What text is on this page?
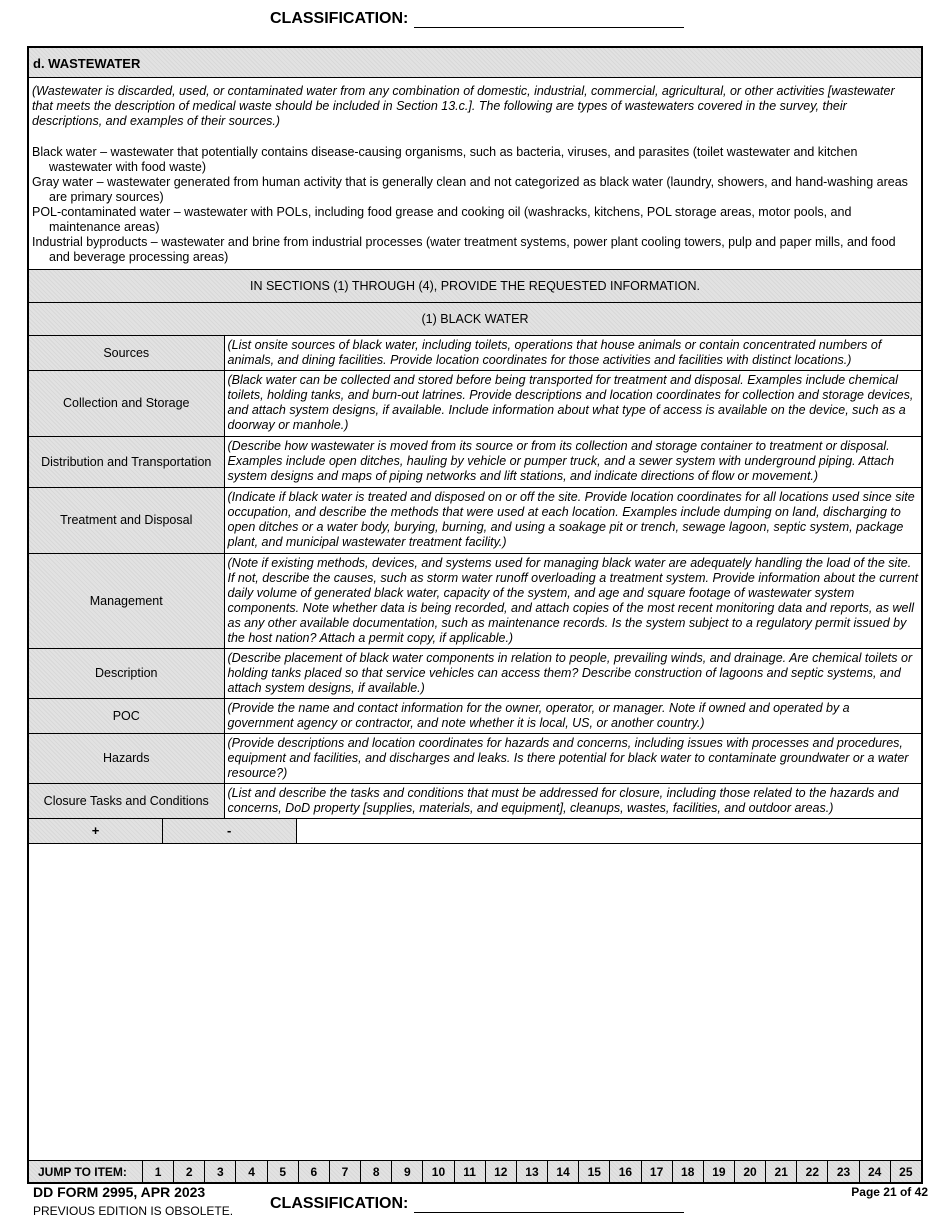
CLASSIFICATION:
d. WASTEWATER
(Wastewater is discarded, used, or contaminated water from any combination of domestic, industrial, commercial, agricultural, or other activities [wastewater that meets the description of medical waste should be included in Section 13.c.]. The following are types of wastewaters covered in the survey, their descriptions, and examples of their sources.)
Black water – wastewater that potentially contains disease-causing organisms, such as bacteria, viruses, and parasites (toilet wastewater and kitchen wastewater with food waste)
Gray water – wastewater generated from human activity that is generally clean and not categorized as black water (laundry, showers, and hand-washing areas are primary sources)
POL-contaminated water – wastewater with POLs, including food grease and cooking oil (washracks, kitchens, POL storage areas, motor pools, and maintenance areas)
Industrial byproducts – wastewater and brine from industrial processes (water treatment systems, power plant cooling towers, pulp and paper mills, and food and beverage processing areas)
IN SECTIONS (1) THROUGH (4), PROVIDE THE REQUESTED INFORMATION.
(1) BLACK WATER
Sources	(List onsite sources of black water, including toilets, operations that house animals or contain concentrated numbers of animals, and dining facilities. Provide location coordinates for those activities and facilities with distinct locations.)
Collection and Storage	(Black water can be collected and stored before being transported for treatment and disposal. Examples include chemical toilets, holding tanks, and burn-out latrines. Provide descriptions and location coordinates for collection and storage devices, and attach system designs, if available. Include information about what type of access is available on the device, such as a doorway or manhole.)
Distribution and Transportation	(Describe how wastewater is moved from its source or from its collection and storage container to treatment or disposal. Examples include open ditches, hauling by vehicle or pumper truck, and a sewer system with underground piping. Attach system designs and maps of piping networks and lift stations, and indicate directions of flow or movement.)
Treatment and Disposal	(Indicate if black water is treated and disposed on or off the site. Provide location coordinates for all locations used since site occupation, and describe the methods that were used at each location. Examples include dumping on land, discharging to open ditches or a water body, burying, burning, and using a soakage pit or trench, sewage lagoon, septic system, package plant, and municipal wastewater treatment facility.)
Management	(Note if existing methods, devices, and systems used for managing black water are adequately handling the load of the site. If not, describe the causes, such as storm water runoff overloading a treatment system. Provide information about the current daily volume of generated black water, capacity of the system, and age and square footage of wastewater system components. Note whether data is being recorded, and attach copies of the most recent monitoring data and reports, as well as any other available documentation, such as maintenance records. Is the system subject to a regulatory permit issued by the host nation? Attach a permit copy, if applicable.)
Description	(Describe placement of black water components in relation to people, prevailing winds, and drainage. Are chemical toilets or holding tanks placed so that service vehicles can access them? Describe construction of lagoons and septic systems, and attach system designs, if available.)
POC	(Provide the name and contact information for the owner, operator, or manager. Note if owned and operated by a government agency or contractor, and note whether it is local, US, or another country.)
Hazards	(Provide descriptions and location coordinates for hazards and concerns, including issues with processes and procedures, equipment and facilities, and discharges and leaks. Is there potential for black water to contaminate groundwater or a water resource?)
Closure Tasks and Conditions	(List and describe the tasks and conditions that must be addressed for closure, including those related to the hazards and concerns, DoD property [supplies, materials, and equipment], cleanups, wastes, facilities, and outdoor areas.)
+	-
JUMP TO ITEM:	1	2	3	4	5	6	7	8	9	10	11	12	13	14	15	16	17	18	19	20	21	22	23	24	25
DD FORM 2995, APR 2023
PREVIOUS EDITION IS OBSOLETE.
Page 21 of 42
CLASSIFICATION:
